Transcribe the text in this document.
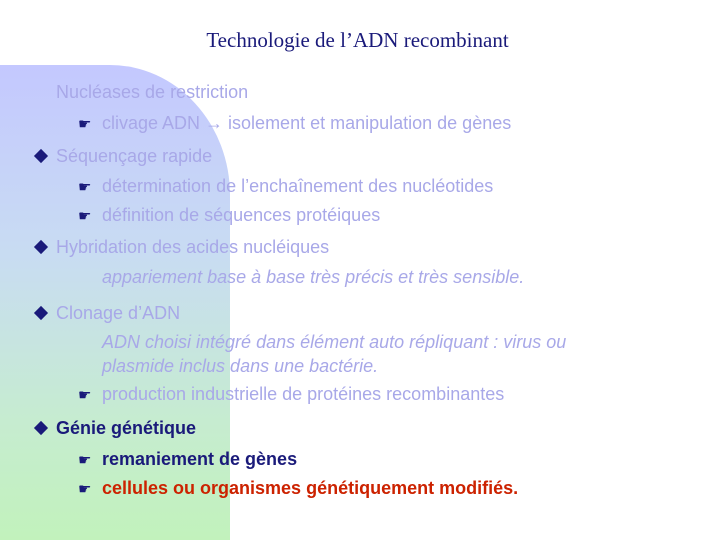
Technologie de l’ADN recombinant
Nucléases de restriction
☛ clivage ADN → isolement et manipulation de gènes
Séquençage rapide
☛ détermination de l’enchaînement des nucléotides
☛ définition de séquences protéiques
Hybridation des acides nucléiques
appariement base à base très précis et très sensible.
Clonage d’ADN
ADN choisi intégré dans élément auto répliquant : virus ou
plasmide inclus dans une bactérie.
☛ production industrielle de protéines recombinantes
Génie génétique
☛ remaniement de gènes
☛ cellules ou organismes génétiquement modifiés.
